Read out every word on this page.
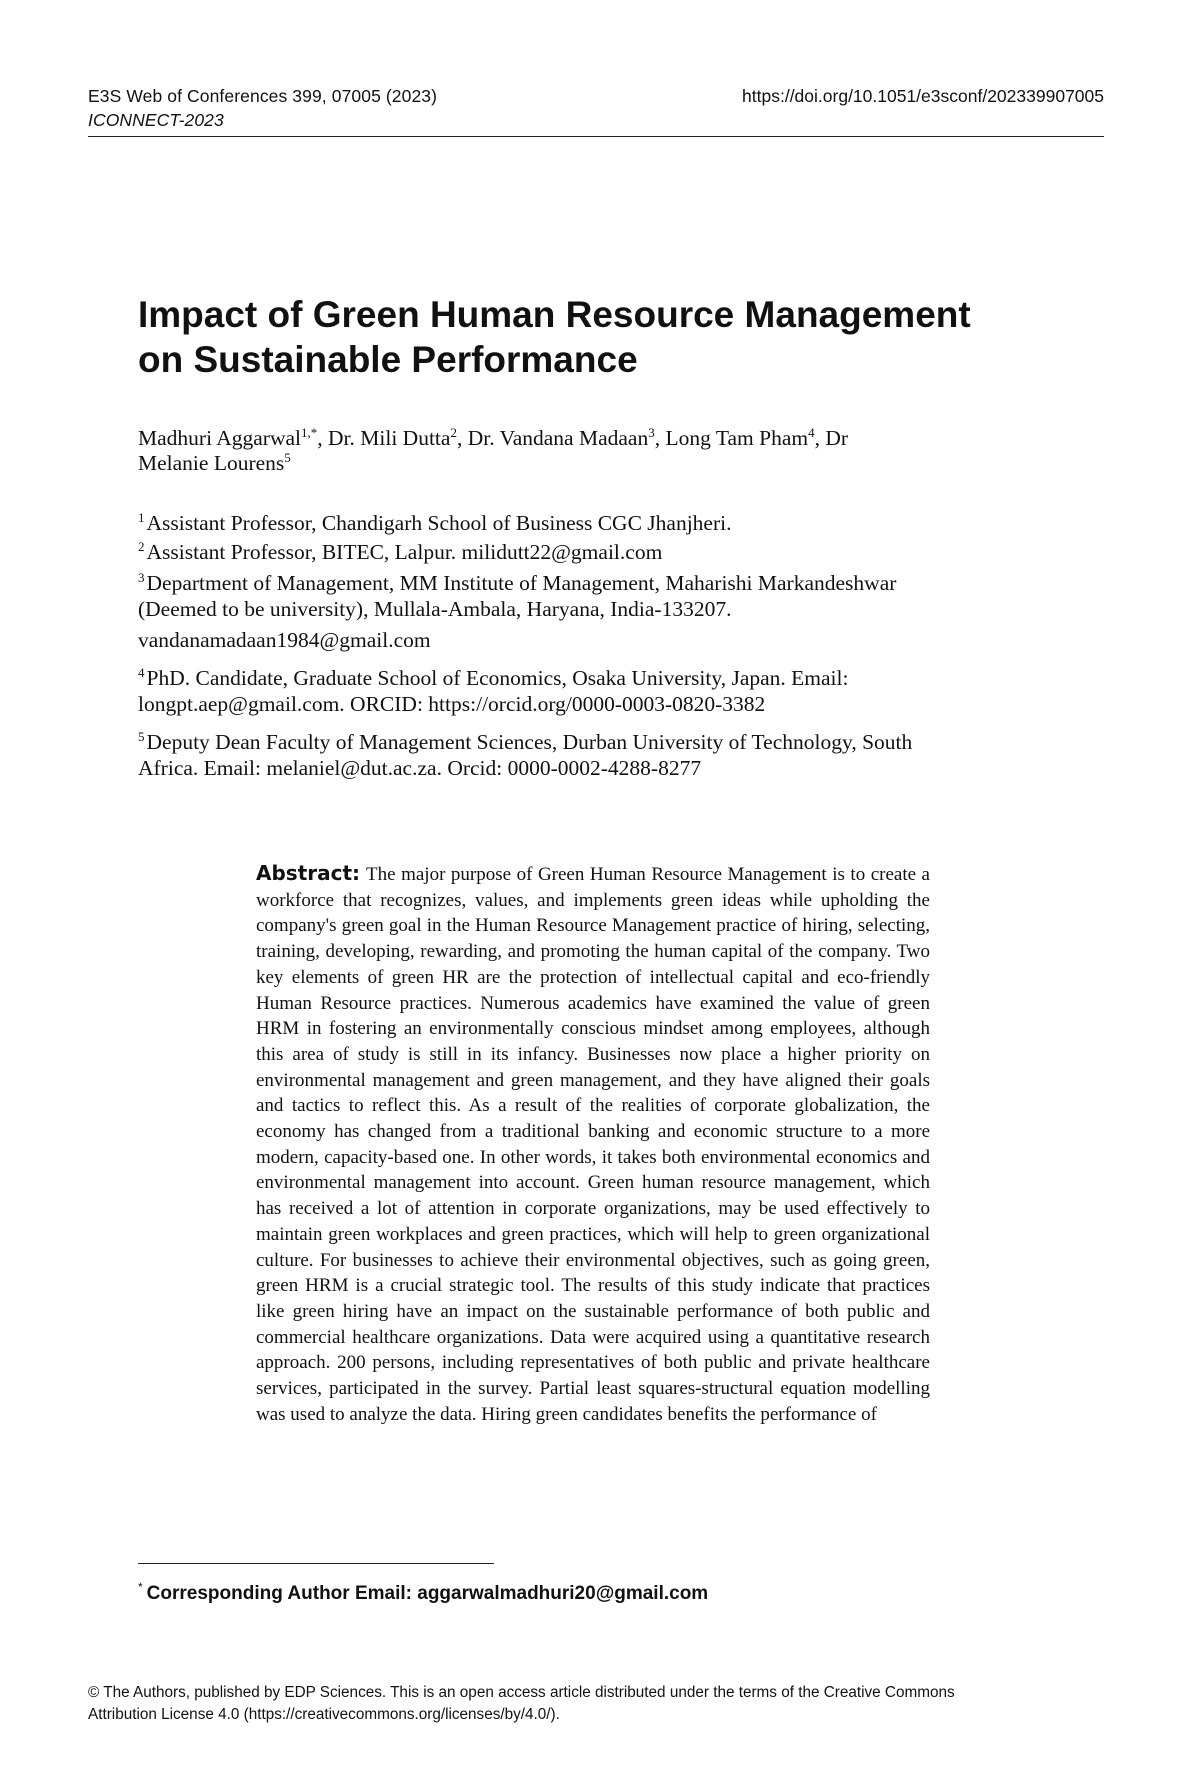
E3S Web of Conferences 399, 07005 (2023)
ICONNECT-2023
https://doi.org/10.1051/e3sconf/202339907005
Impact of Green Human Resource Management
on Sustainable Performance
Madhuri Aggarwal$^{1,*}$, Dr. Mili Dutta$^2$, Dr. Vandana Madaan$^3$, Long Tam Pham$^4$, Dr
Melanie Lourens$^5$
$^1$Assistant Professor, Chandigarh School of Business CGC Jhanjheri.
$^2$Assistant Professor, BITEC, Lalpur. milidutt22@gmail.com
$^3$Department of Management, MM Institute of Management, Maharishi Markandeshwar
(Deemed to be university), Mullala-Ambala, Haryana, India-133207.
vandanamadaan1984@gmail.com
$^4$PhD. Candidate, Graduate School of Economics, Osaka University, Japan. Email:
longpt.aep@gmail.com. ORCID: https://orcid.org/0000-0003-0820-3382
$^5$Deputy Dean Faculty of Management Sciences, Durban University of Technology, South
Africa. Email: melaniel@dut.ac.za. Orcid: 0000-0002-4288-8277
Abstract: The major purpose of Green Human Resource Management is to create a workforce that recognizes, values, and implements green ideas while upholding the company's green goal in the Human Resource Management practice of hiring, selecting, training, developing, rewarding, and promoting the human capital of the company. Two key elements of green HR are the protection of intellectual capital and eco-friendly Human Resource practices. Numerous academics have examined the value of green HRM in fostering an environmentally conscious mindset among employees, although this area of study is still in its infancy. Businesses now place a higher priority on environmental management and green management, and they have aligned their goals and tactics to reflect this. As a result of the realities of corporate globalization, the economy has changed from a traditional banking and economic structure to a more modern, capacity-based one. In other words, it takes both environmental economics and environmental management into account. Green human resource management, which has received a lot of attention in corporate organizations, may be used effectively to maintain green workplaces and green practices, which will help to green organizational culture. For businesses to achieve their environmental objectives, such as going green, green HRM is a crucial strategic tool. The results of this study indicate that practices like green hiring have an impact on the sustainable performance of both public and commercial healthcare organizations. Data were acquired using a quantitative research approach. 200 persons, including representatives of both public and private healthcare services, participated in the survey. Partial least squares-structural equation modelling was used to analyze the data. Hiring green candidates benefits the performance of
* Corresponding Author Email: aggarwalmadhuri20@gmail.com
© The Authors, published by EDP Sciences. This is an open access article distributed under the terms of the Creative Commons
Attribution License 4.0 (https://creativecommons.org/licenses/by/4.0/).
